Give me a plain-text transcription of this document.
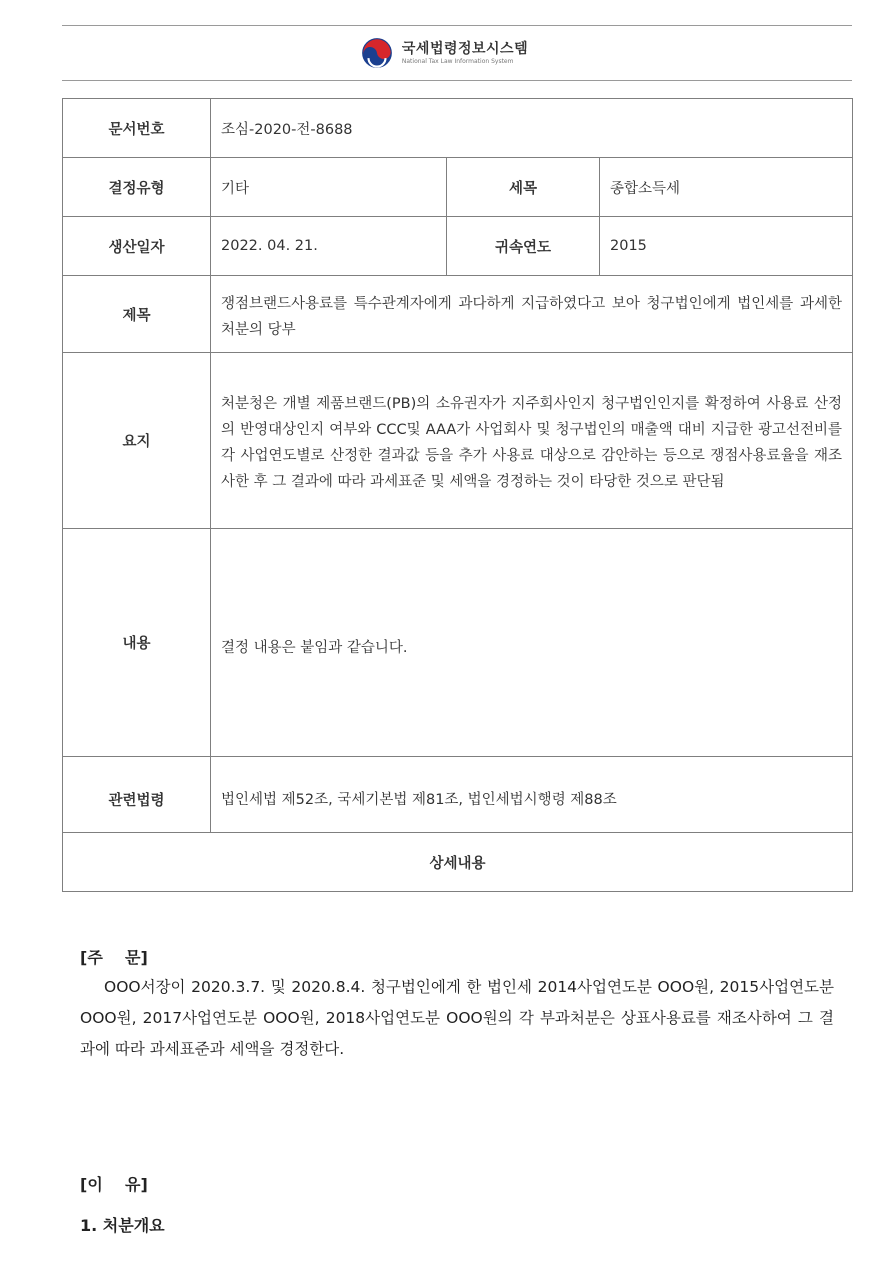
국세법령정보시스템
National Tax Law Information System
문서번호	조심-2020-전-8688		
결정유형	기타	세목	종합소득세
생산일자	2022. 04. 21.	귀속연도	2015
제목	쟁점브랜드사용료를 특수관계자에게 과다하게 지급하였다고 보아 청구법인에게 법인세를 과세한 처분의 당부		
요지	처분청은 개별 제품브랜드(PB)의 소유권자가 지주회사인지 청구법인인지를 확정하여 사용료 산정의 반영대상인지 여부와 CCC및 AAA가 사업회사 및 청구법인의 매출액 대비 지급한 광고선전비를 각 사업연도별로 산정한 결과값 등을 추가 사용료 대상으로 감안하는 등으로 쟁점사용료율을 재조사한 후 그 결과에 따라 과세표준 및 세액을 경정하는 것이 타당한 것으로 판단됨		
내용	결정 내용은 붙임과 같습니다.		
관련법령	법인세법 제52조, 국세기본법 제81조, 법인세법시행령 제88조		
상세내용			
[주    문]
OOO서장이 2020.3.7. 및 2020.8.4. 청구법인에게 한 법인세 2014사업연도분 OOO원, 2015사업연도분 OOO원, 2017사업연도분 OOO원, 2018사업연도분 OOO원의 각 부과처분은 상표사용료를 재조사하여 그 결과에 따라 과세표준과 세액을 경정한다.
[이    유]
1. 처분개요
